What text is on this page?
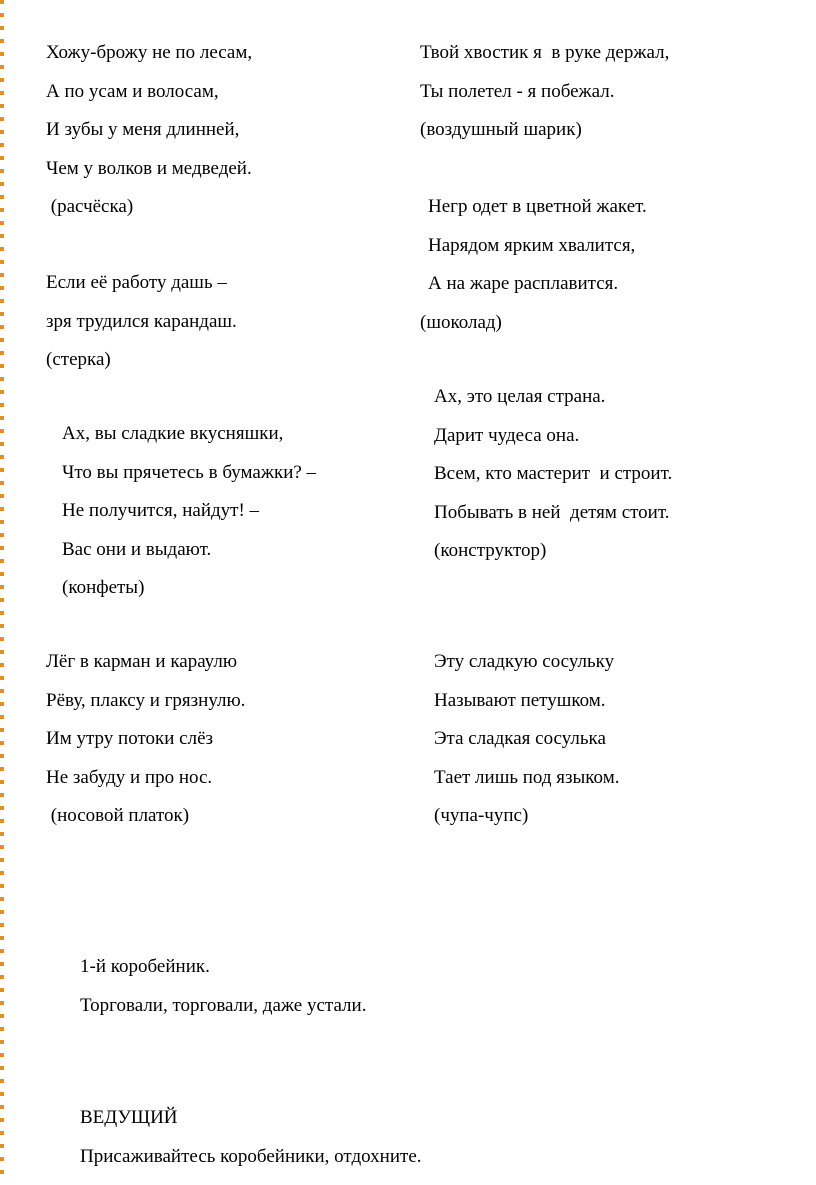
Хожу-брожу не по лесам,
А по усам и волосам,
И зубы у меня длинней,
Чем у волков и медведей.
(расчёска)
Твой хвостик я  в руке держал,
Ты полетел - я побежал.
(воздушный шарик)
Негр одет в цветной жакет.
Нарядом ярким хвалится,
А на жаре расплавится.
(шоколад)
Если её работу дашь –
зря трудился карандаш.
(стерка)
Ах, это целая страна.
Дарит чудеса она.
Всем, кто мастерит  и строит.
Побывать в ней  детям стоит.
(конструктор)
Ах, вы сладкие вкусняшки,
Что вы прячетесь в бумажки? –
Не получится, найдут! –
Вас они и выдают.
(конфеты)
Лёг в карман и караулю
Рёву, плаксу и грязнулю.
Им утру потоки слёз
Не забуду и про нос.
(носовой платок)
Эту сладкую сосульку
Называют петушком.
Эта сладкая сосулька
Тает лишь под языком.
(чупа-чупс)
1-й коробейник.
Торговали, торговали, даже устали.
ВЕДУЩИЙ
Присаживайтесь коробейники, отдохните.
